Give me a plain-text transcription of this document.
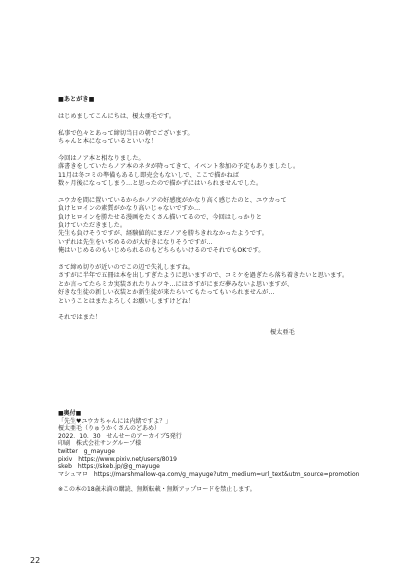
■あとがき■
はじめましてこんにちは、榎太亜毛です。
私事で色々とあって締切当日の朝でございます。
ちゃんと本になっているといいな！
今回はノア本と相なりました。
落書きをしていたらノア本のネタが降ってきて、イベント参加の予定もありましたし。
11月は冬コミの準備もあるし即売会もないしで、ここで描かねば
数ヶ月後になってしまう…と思ったので描かずにはいられませんでした。
ユウカを間に置いているからかノアの好感度がかなり高く感じたのと、ユウカって
負けヒロインの素質がかなり高いじゃないですか…
負けヒロインを勝たせる漫画をたくさん描いてるので、今回はしっかりと
負けていただきました。
先生も負けそうですが、経験値的にまだノアを勝ちきれなかったようです。
いずれは先生をいぢめるのが大好きになりそうですが…
俺はいじめるのもいじめられるのもどちらもいけるのでそれでもOKです。
さて締め切りが近いのでこの辺で失礼しますね。
さすがに半年で五冊は本を出しすぎたように思いますので、コミケを過ぎたら落ち着きたいと思います。
とか言ってたらミカ実装されたりムツキ…にはさすがにまだ夢みないよ思いますが、
好きな生徒の新しい衣装とか新生徒が来たらいてもたってもいられませんが…
ということはまたよろしくお願いしますけどね！
それではまた！
榎太亜毛
■奥付■
「先生♥ユウカちゃんには内緒ですよ？」
榎太亜毛（りゅうかくさんのどあめ）
2022．10．30　せんせーのアーカイブ5発行
印刷　株式会社サングループ様
twitter　g_mayuge
pixiv　https://www.pixiv.net/users/8019
skeb　https://skeb.jp/@g_mayuge
マシュマロ　https://marshmallow-qa.com/g_mayuge?utm_medium=url_text&utm_source=promotion
※この本の18歳未満の購読、無断転載・無断アップロードを禁止します。
22
